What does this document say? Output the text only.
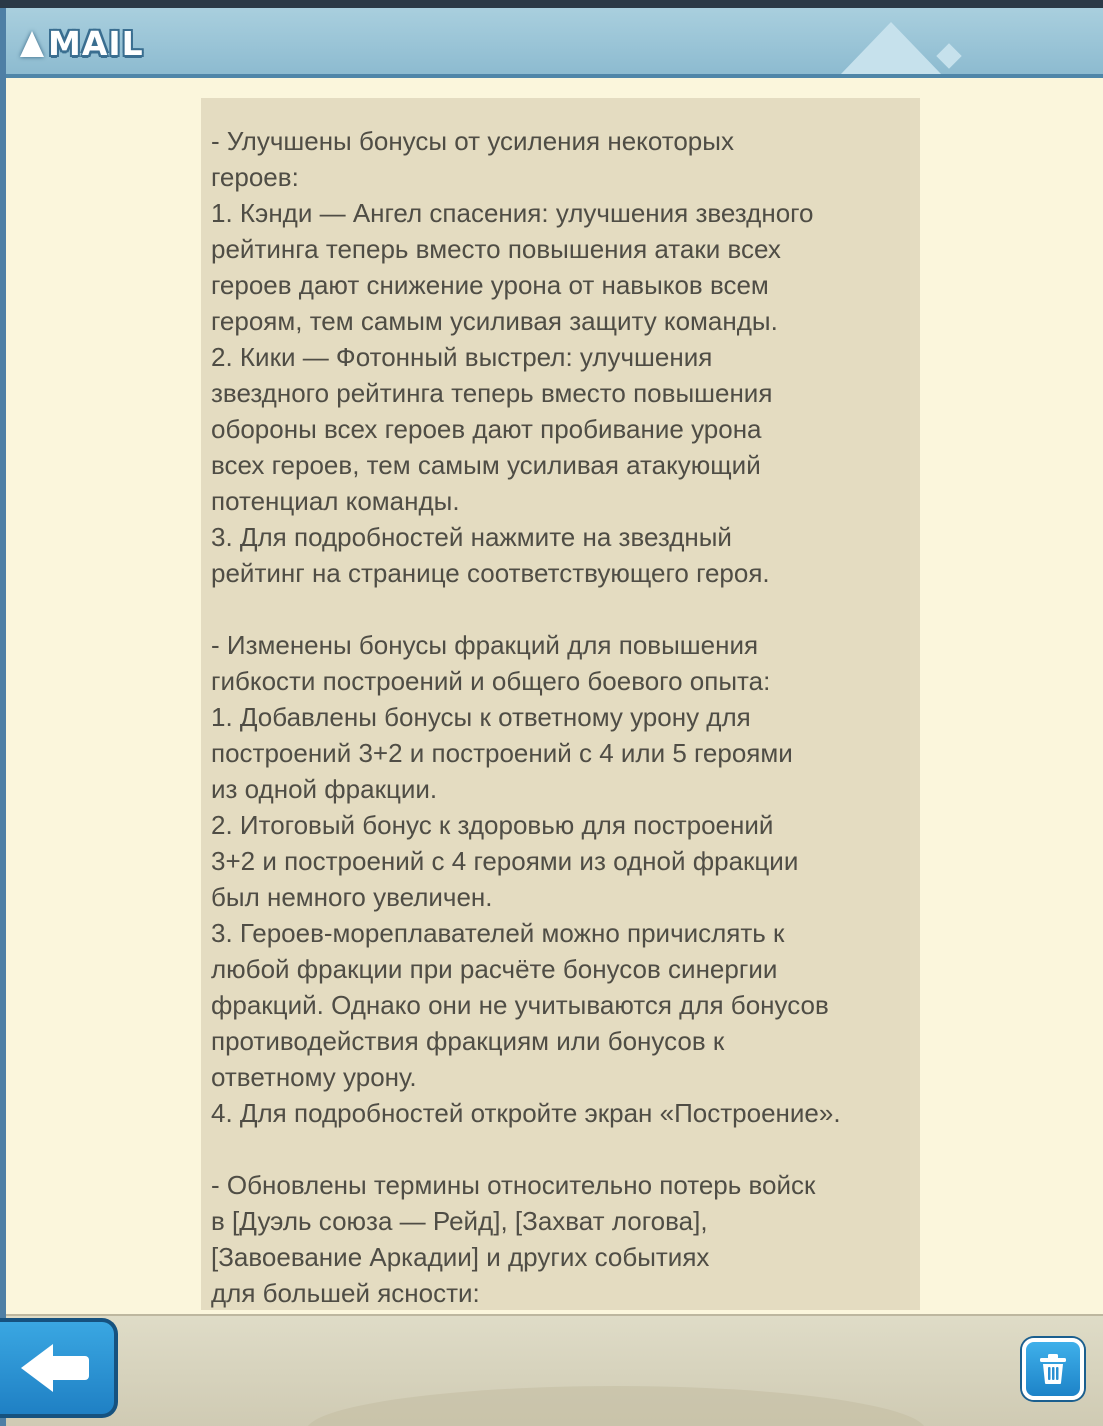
MAIL

- Улучшены бонусы от усиления некоторых
героев:
1. Кэнди — Ангел спасения: улучшения звездного
рейтинга теперь вместо повышения атаки всех
героев дают снижение урона от навыков всем
героям, тем самым усиливая защиту команды.
2. Кики — Фотонный выстрел: улучшения
звездного рейтинга теперь вместо повышения
обороны всех героев дают пробивание урона
всех героев, тем самым усиливая атакующий
потенциал команды.
3. Для подробностей нажмите на звездный
рейтинг на странице соответствующего героя.

- Изменены бонусы фракций для повышения
гибкости построений и общего боевого опыта:
1. Добавлены бонусы к ответному урону для
построений 3+2 и построений с 4 или 5 героями
из одной фракции.
2. Итоговый бонус к здоровью для построений
3+2 и построений с 4 героями из одной фракции
был немного увеличен.
3. Героев-мореплавателей можно причислять к
любой фракции при расчёте бонусов синергии
фракций. Однако они не учитываются для бонусов
противодействия фракциям или бонусов к
ответному урону.
4. Для подробностей откройте экран «Построение».

- Обновлены термины относительно потерь войск
в [Дуэль союза — Рейд], [Захват логова],
[Завоевание Аркадии] и других событиях
для большей ясности:
